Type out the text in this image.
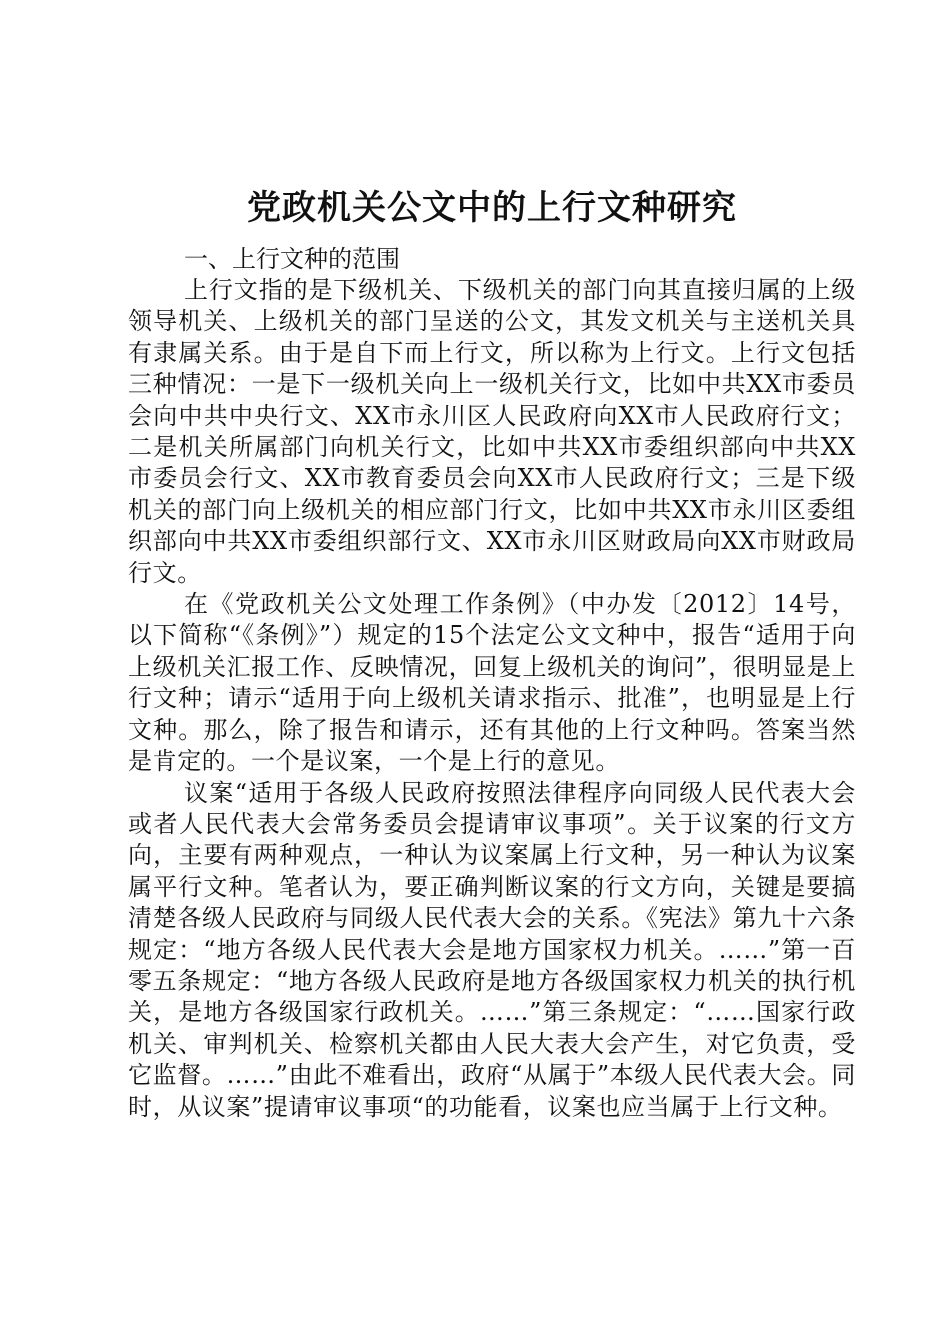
党政机关公文中的上行文种研究

一、上行文种的范围

上行文指的是下级机关、下级机关的部门向其直接归属的上级领导机关、上级机关的部门呈送的公文，其发文机关与主送机关具有隶属关系。由于是自下而上行文，所以称为上行文。上行文包括三种情况：一是下一级机关向上一级机关行文，比如中共XX市委员会向中共中央行文、XX市永川区人民政府向XX市人民政府行文；二是机关所属部门向机关行文，比如中共XX市委组织部向中共XX市委员会行文、XX市教育委员会向XX市人民政府行文；三是下级机关的部门向上级机关的相应部门行文，比如中共XX市永川区委组织部向中共XX市委组织部行文、XX市永川区财政局向XX市财政局行文。

在《党政机关公文处理工作条例》（中办发〔2012〕14号，以下简称“《条例》”）规定的15个法定公文文种中，报告“适用于向上级机关汇报工作、反映情况，回复上级机关的询问”，很明显是上行文种；请示“适用于向上级机关请求指示、批准”，也明显是上行文种。那么，除了报告和请示，还有其他的上行文种吗。答案当然是肯定的。一个是议案，一个是上行的意见。

议案“适用于各级人民政府按照法律程序向同级人民代表大会或者人民代表大会常务委员会提请审议事项”。关于议案的行文方向，主要有两种观点，一种认为议案属上行文种，另一种认为议案属平行文种。笔者认为，要正确判断议案的行文方向，关键是要搞清楚各级人民政府与同级人民代表大会的关系。《宪法》第九十六条规定：“地方各级人民代表大会是地方国家权力机关。……”第一百零五条规定：“地方各级人民政府是地方各级国家权力机关的执行机关，是地方各级国家行政机关。……”第三条规定：“……国家行政机关、审判机关、检察机关都由人民大表大会产生，对它负责，受它监督。……”由此不难看出，政府“从属于”本级人民代表大会。同时，从议案”提请审议事项“的功能看，议案也应当属于上行文种。
